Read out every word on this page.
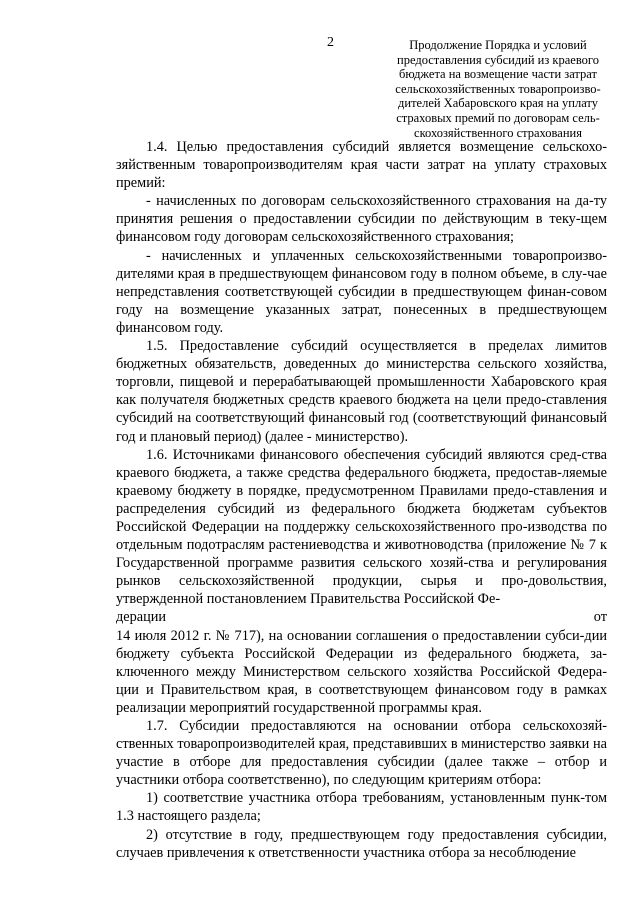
2	Продолжение Порядка и условий
предоставления субсидий из краевого
бюджета на возмещение части затрат
сельскохозяйственных товаропроизво-
дителей Хабаровского края на уплату
страховых премий по договорам сель-
скохозяйственного страхования

1.4. Целью предоставления субсидий является возмещение сельскохо-зяйственным товаропроизводителям края части затрат на уплату страховых премий:

- начисленных по договорам сельскохозяйственного страхования на да-ту принятия решения о предоставлении субсидии по действующим в теку-щем финансовом году договорам сельскохозяйственного страхования;

- начисленных и уплаченных сельскохозяйственными товаропроизво-дителями края в предшествующем финансовом году в полном объеме, в слу-чае непредставления соответствующей субсидии в предшествующем финан-совом году на возмещение указанных затрат, понесенных в предшествующем финансовом году.

1.5. Предоставление субсидий осуществляется в пределах лимитов бюджетных обязательств, доведенных до министерства сельского хозяйства, торговли, пищевой и перерабатывающей промышленности Хабаровского края как получателя бюджетных средств краевого бюджета на цели предо-ставления субсидий на соответствующий финансовый год (соответствующий финансовый год и плановый период) (далее - министерство).

1.6. Источниками финансового обеспечения субсидий являются сред-ства краевого бюджета, а также средства федерального бюджета, предостав-ляемые краевому бюджету в порядке, предусмотренном Правилами предо-ставления и распределения субсидий из федерального бюджета бюджетам субъектов Российской Федерации на поддержку сельскохозяйственного про-изводства по отдельным подотраслям растениеводства и животноводства (приложение № 7 к Государственной программе развития сельского хозяй-ства и регулирования рынков сельскохозяйственной продукции, сырья и про-довольствия, утвержденной постановлением Правительства Российской Фе-

дерации	от

14 июля 2012 г. № 717), на основании соглашения о предоставлении субси-дии бюджету субъекта Российской Федерации из федерального бюджета, за-ключенного между Министерством сельского хозяйства Российской Федера-ции и Правительством края, в соответствующем финансовом году в рамках реализации мероприятий государственной программы края.

1.7. Субсидии предоставляются на основании отбора сельскохозяй-ственных товаропроизводителей края, представивших в министерство заявки на участие в отборе для предоставления субсидии (далее также – отбор и участники отбора соответственно), по следующим критериям отбора:

1) соответствие участника отбора требованиям, установленным пунк-том 1.3 настоящего раздела;

2) отсутствие в году, предшествующем году предоставления субсидии, случаев привлечения к ответственности участника отбора за несоблюдение
